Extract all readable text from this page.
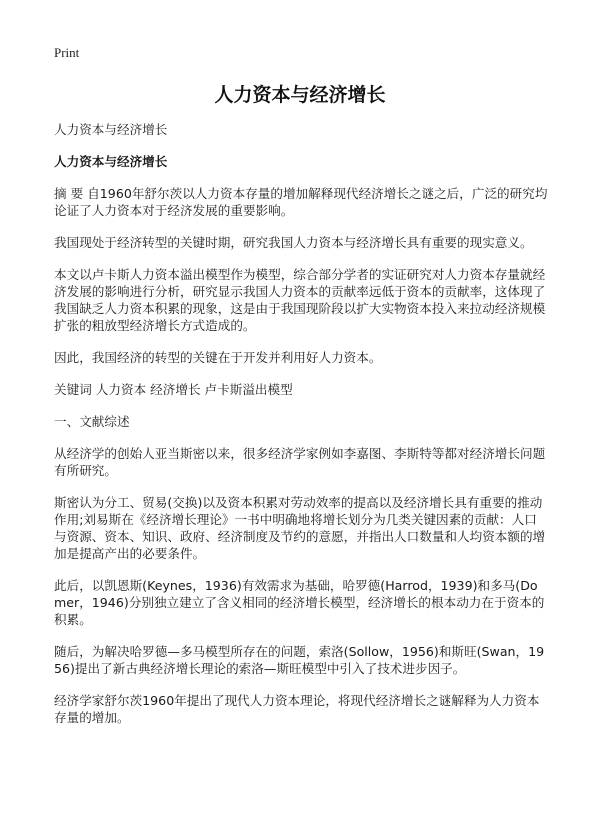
Print
人力资本与经济增长

人力资本与经济增长

人力资本与经济增长

摘 要 自1960年舒尔茨以人力资本存量的增加解释现代经济增长之谜之后，广泛的研究均论证了人力资本对于经济发展的重要影响。

我国现处于经济转型的关键时期，研究我国人力资本与经济增长具有重要的现实意义。

本文以卢卡斯人力资本溢出模型作为模型，综合部分学者的实证研究对人力资本存量就经济发展的影响进行分析，研究显示我国人力资本的贡献率远低于资本的贡献率，这体现了我国缺乏人力资本积累的现象，这是由于我国现阶段以扩大实物资本投入来拉动经济规模扩张的粗放型经济增长方式造成的。

因此，我国经济的转型的关键在于开发并利用好人力资本。

关键词 人力资本 经济增长 卢卡斯溢出模型

一、文献综述

从经济学的创始人亚当斯密以来，很多经济学家例如李嘉图、李斯特等都对经济增长问题有所研究。

斯密认为分工、贸易(交换)以及资本积累对劳动效率的提高以及经济增长具有重要的推动作用;刘易斯在《经济增长理论》一书中明确地将增长划分为几类关键因素的贡献：人口与资源、资本、知识、政府、经济制度及节约的意愿，并指出人口数量和人均资本额的增加是提高产出的必要条件。

此后，以凯恩斯(Keynes，1936)有效需求为基础，哈罗德(Harrod，1939)和多马(Domer，1946)分别独立建立了含义相同的经济增长模型，经济增长的根本动力在于资本的积累。

随后，为解决哈罗德—多马模型所存在的问题，索洛(Sollow，1956)和斯旺(Swan，1956)提出了新古典经济增长理论的索洛—斯旺模型中引入了技术进步因子。

经济学家舒尔茨1960年提出了现代人力资本理论，将现代经济增长之谜解释为人力资本存量的增加。
